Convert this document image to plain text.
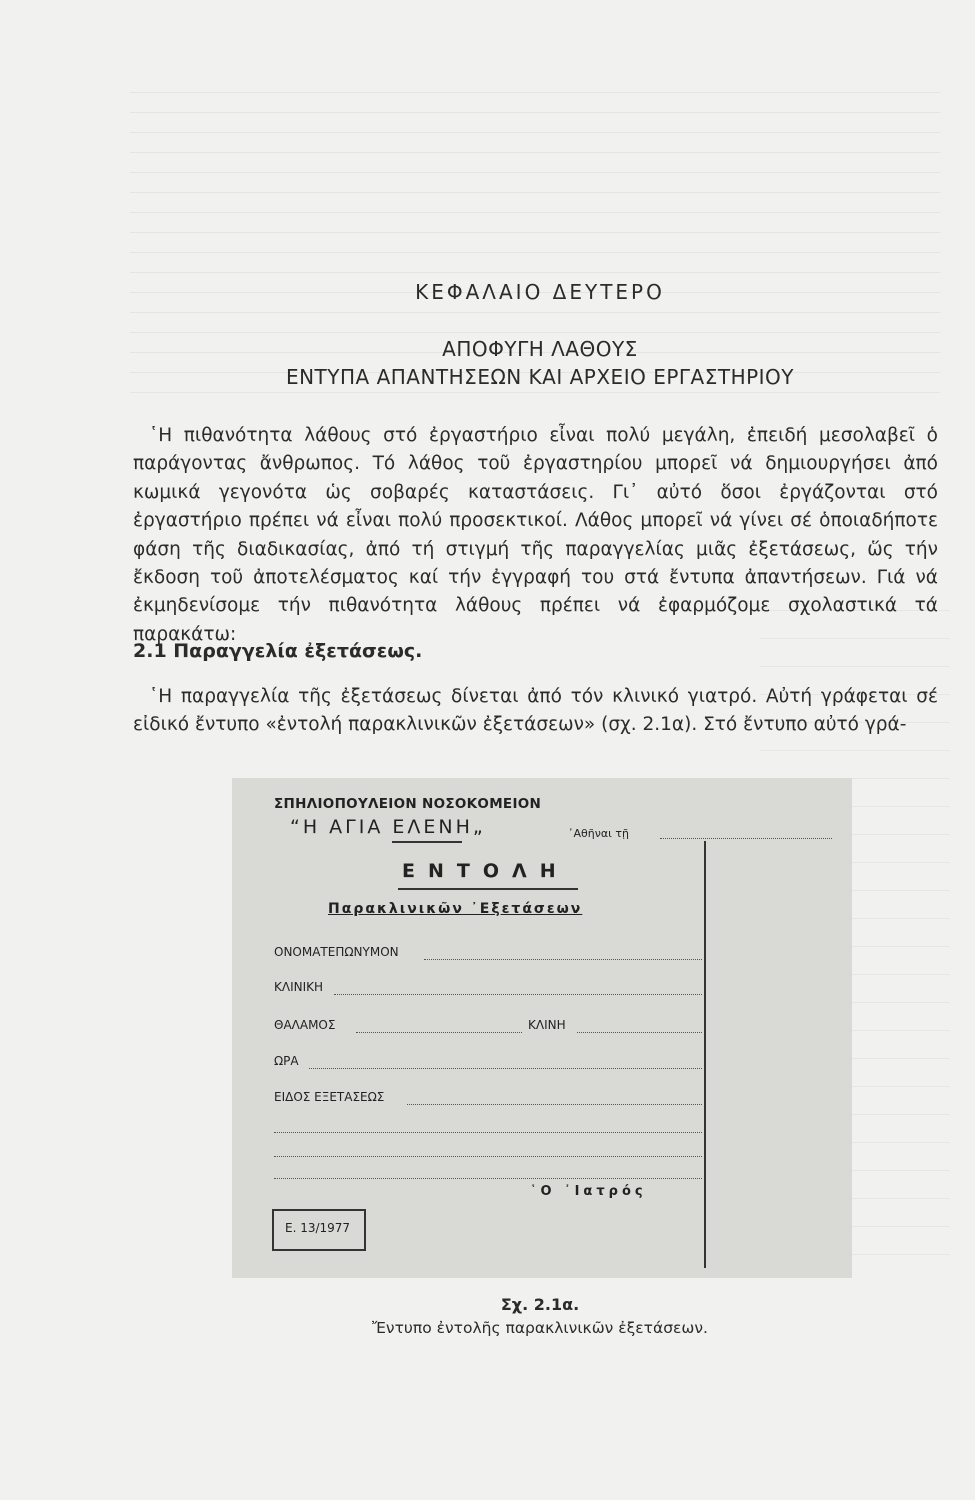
ΚΕΦΑΛΑΙΟ ΔΕΥΤΕΡΟ
ΑΠΟΦΥΓΗ ΛΑΘΟΥΣ
ΕΝΤΥΠΑ ΑΠΑΝΤΗΣΕΩΝ ΚΑΙ ΑΡΧΕΙΟ ΕΡΓΑΣΤΗΡΙΟΥ

῾Η πιθανότητα λάθους στό ἐργαστήριο εἶναι πολύ μεγάλη, ἐπειδή μεσολαβεῖ ὁ παράγοντας ἄνθρωπος. Τό λάθος τοῦ ἐργαστηρίου μπορεῖ νά δημιουργήσει ἀπό κωμικά γεγονότα ὡς σοβαρές καταστάσεις. Γι᾽ αὐτό ὅσοι ἐργάζονται στό ἐργαστήριο πρέπει νά εἶναι πολύ προσεκτικοί. Λάθος μπορεῖ νά γίνει σέ ὁποιαδήποτε φάση τῆς διαδικασίας, ἀπό τή στιγμή τῆς παραγγελίας μιᾶς ἐξετάσεως, ὥς τήν ἔκδοση τοῦ ἀποτελέσματος καί τήν ἐγγραφή του στά ἔντυπα ἀπαντήσεων. Γιά νά ἐκμηδενίσομε τήν πιθανότητα λάθους πρέπει νά ἐφαρμόζομε σχολαστικά τά παρακάτω:

2.1 Παραγγελία ἐξετάσεως.

῾Η παραγγελία τῆς ἐξετάσεως δίνεται ἀπό τόν κλινικό γιατρό. Αὐτή γράφεται σέ εἰδικό ἔντυπο «ἐντολή παρακλινικῶν ἐξετάσεων» (σχ. 2.1α). Στό ἔντυπο αὐτό γρά-

ΣΠΗΛΙΟΠΟΥΛΕΙΟΝ ΝΟΣΟΚΟΜΕΙΟΝ
“Η ΑΓΙΑ ΕΛΕΝΗ„	᾽Αθῆναι τῇ
ΕΝΤΟΛΗ
Παρακλινικῶν ᾽Εξετάσεων
ΟΝΟΜΑΤΕΠΩΝΥΜΟΝ
ΚΛΙΝΙΚΗ
ΘΑΛΑΜΟΣ	ΚΛΙΝΗ
ΩΡΑ
ΕΙΔΟΣ ΕΞΕΤΑΣΕΩΣ
῾Ο ᾽Ιατρός
Ε. 13/1977
Σχ. 2.1α.
Ἔντυπο ἐντολῆς παρακλινικῶν ἐξετάσεων.
